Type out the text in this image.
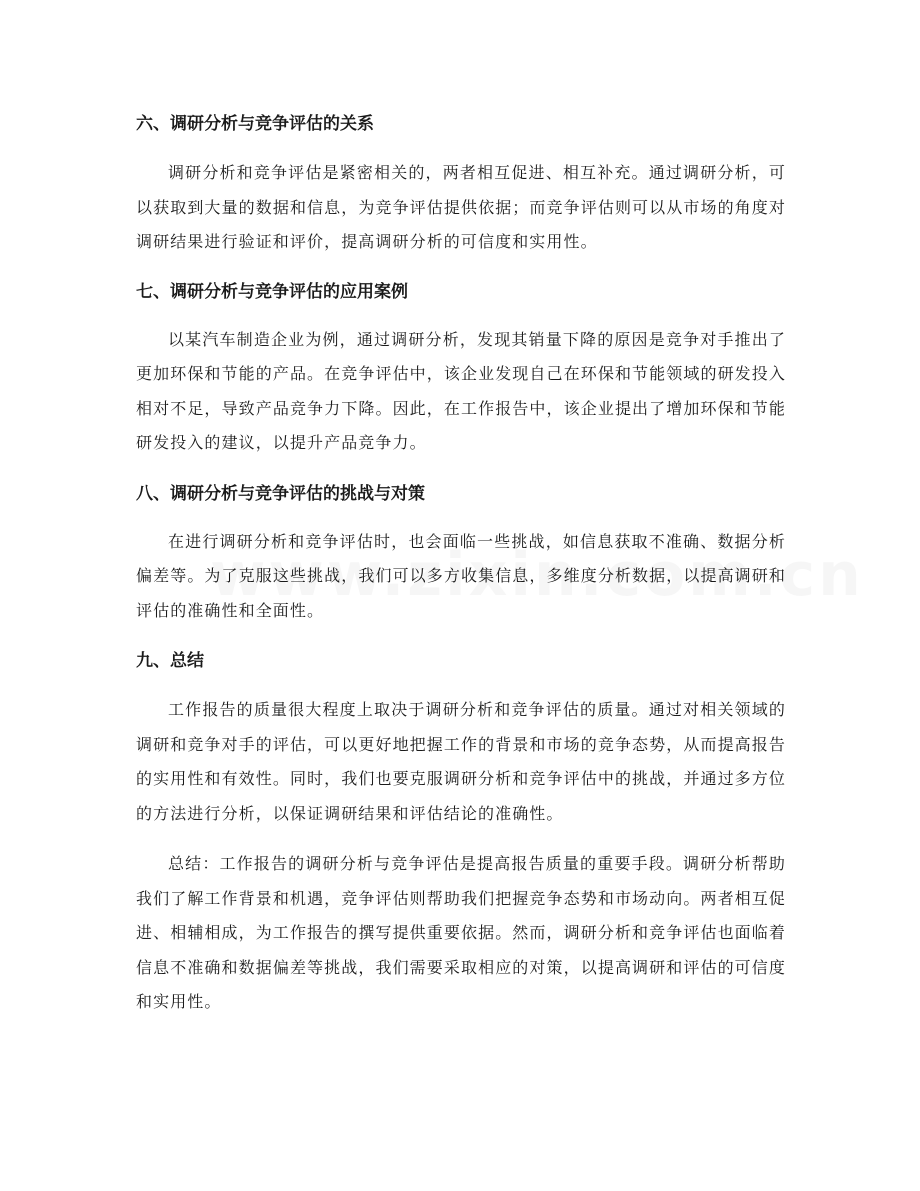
六、调研分析与竞争评估的关系

调研分析和竞争评估是紧密相关的，两者相互促进、相互补充。通过调研分析，可以获取到大量的数据和信息，为竞争评估提供依据；而竞争评估则可以从市场的角度对调研结果进行验证和评价，提高调研分析的可信度和实用性。

七、调研分析与竞争评估的应用案例

以某汽车制造企业为例，通过调研分析，发现其销量下降的原因是竞争对手推出了更加环保和节能的产品。在竞争评估中，该企业发现自己在环保和节能领域的研发投入相对不足，导致产品竞争力下降。因此，在工作报告中，该企业提出了增加环保和节能研发投入的建议，以提升产品竞争力。

八、调研分析与竞争评估的挑战与对策

在进行调研分析和竞争评估时，也会面临一些挑战，如信息获取不准确、数据分析偏差等。为了克服这些挑战，我们可以多方收集信息，多维度分析数据，以提高调研和评估的准确性和全面性。

九、总结

工作报告的质量很大程度上取决于调研分析和竞争评估的质量。通过对相关领域的调研和竞争对手的评估，可以更好地把握工作的背景和市场的竞争态势，从而提高报告的实用性和有效性。同时，我们也要克服调研分析和竞争评估中的挑战，并通过多方位的方法进行分析，以保证调研结果和评估结论的准确性。

总结：工作报告的调研分析与竞争评估是提高报告质量的重要手段。调研分析帮助我们了解工作背景和机遇，竞争评估则帮助我们把握竞争态势和市场动向。两者相互促进、相辅相成，为工作报告的撰写提供重要依据。然而，调研分析和竞争评估也面临着信息不准确和数据偏差等挑战，我们需要采取相应的对策，以提高调研和评估的可信度和实用性。
